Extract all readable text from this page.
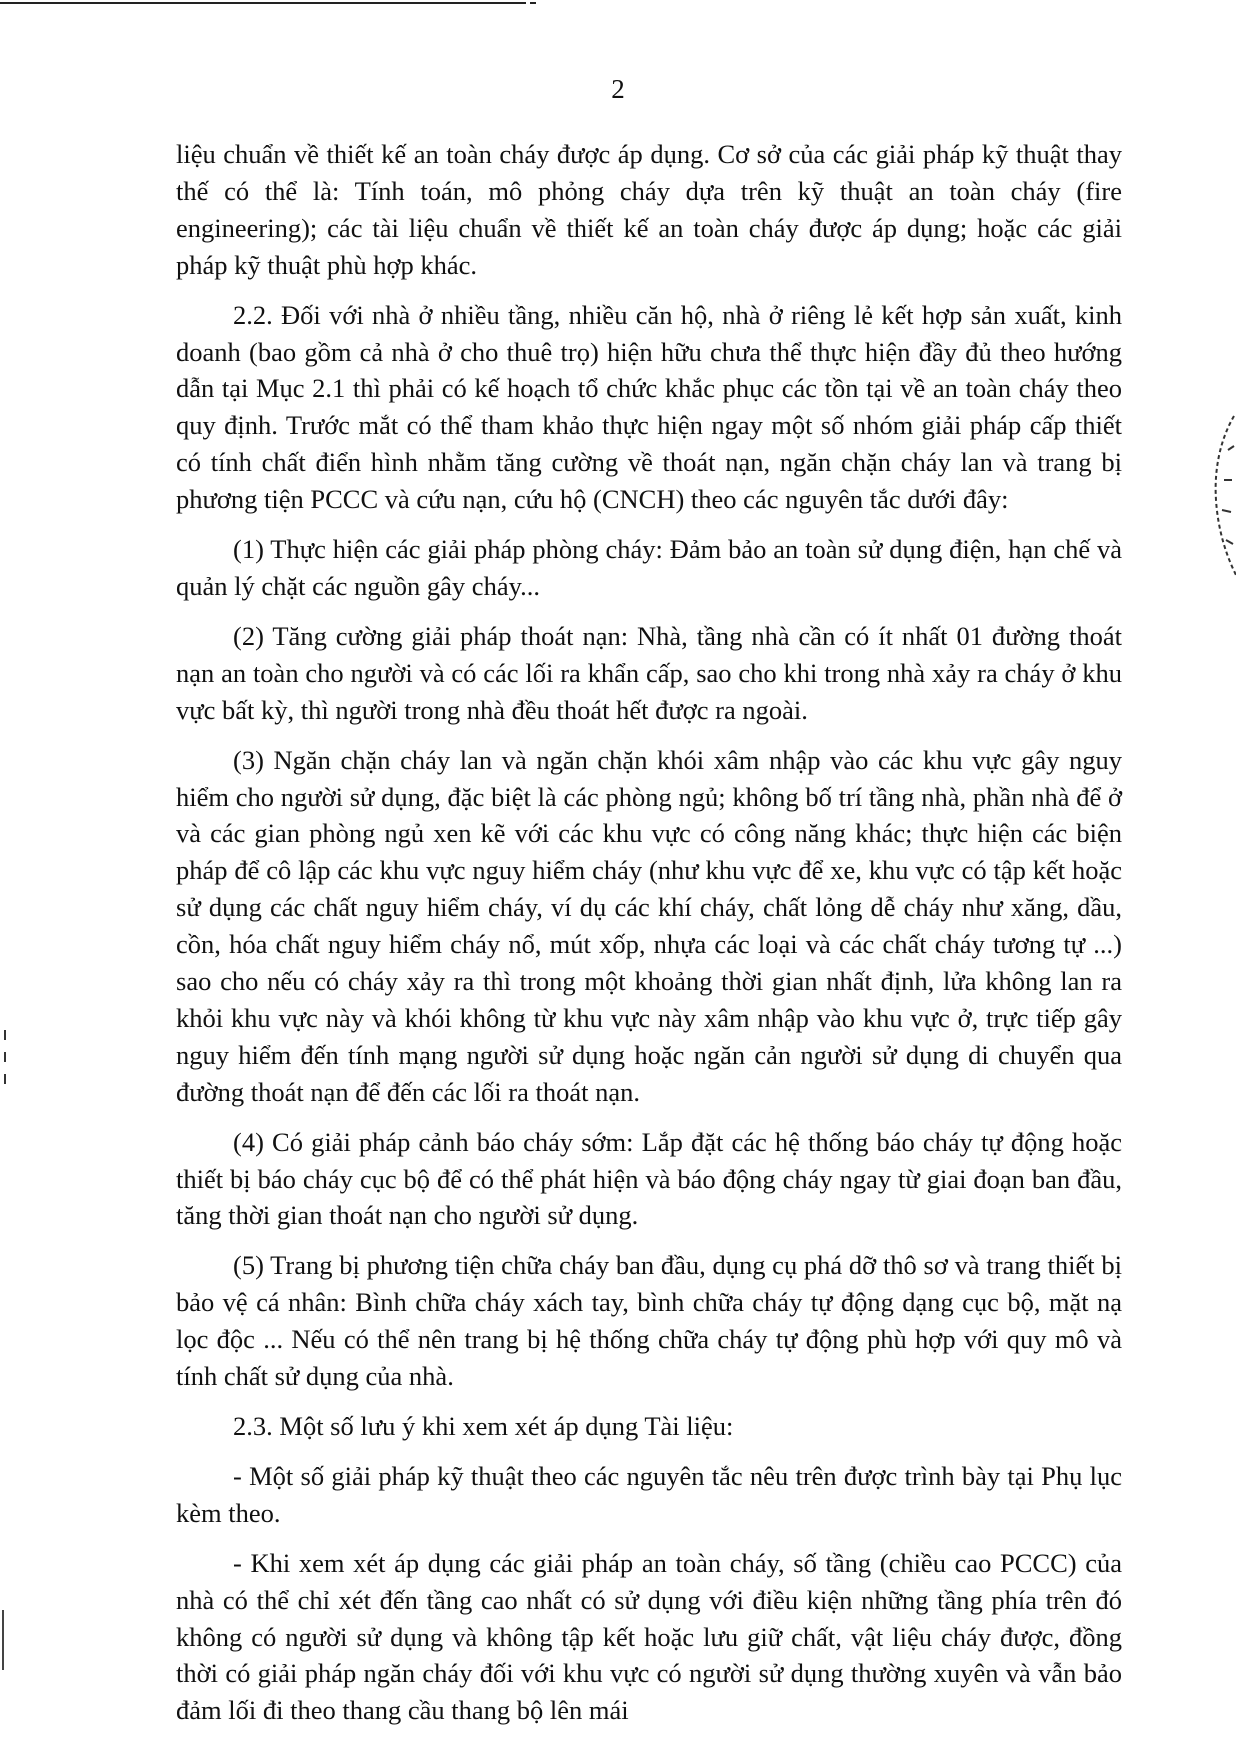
2

liệu chuẩn về thiết kế an toàn cháy được áp dụng. Cơ sở của các giải pháp kỹ thuật thay thế có thể là: Tính toán, mô phỏng cháy dựa trên kỹ thuật an toàn cháy (fire engineering); các tài liệu chuẩn về thiết kế an toàn cháy được áp dụng; hoặc các giải pháp kỹ thuật phù hợp khác.

2.2. Đối với nhà ở nhiều tầng, nhiều căn hộ, nhà ở riêng lẻ kết hợp sản xuất, kinh doanh (bao gồm cả nhà ở cho thuê trọ) hiện hữu chưa thể thực hiện đầy đủ theo hướng dẫn tại Mục 2.1 thì phải có kế hoạch tổ chức khắc phục các tồn tại về an toàn cháy theo quy định. Trước mắt có thể tham khảo thực hiện ngay một số nhóm giải pháp cấp thiết có tính chất điển hình nhằm tăng cường về thoát nạn, ngăn chặn cháy lan và trang bị phương tiện PCCC và cứu nạn, cứu hộ (CNCH) theo các nguyên tắc dưới đây:

(1) Thực hiện các giải pháp phòng cháy: Đảm bảo an toàn sử dụng điện, hạn chế và quản lý chặt các nguồn gây cháy...

(2) Tăng cường giải pháp thoát nạn: Nhà, tầng nhà cần có ít nhất 01 đường thoát nạn an toàn cho người và có các lối ra khẩn cấp, sao cho khi trong nhà xảy ra cháy ở khu vực bất kỳ, thì người trong nhà đều thoát hết được ra ngoài.

(3) Ngăn chặn cháy lan và ngăn chặn khói xâm nhập vào các khu vực gây nguy hiểm cho người sử dụng, đặc biệt là các phòng ngủ; không bố trí tầng nhà, phần nhà để ở và các gian phòng ngủ xen kẽ với các khu vực có công năng khác; thực hiện các biện pháp để cô lập các khu vực nguy hiểm cháy (như khu vực để xe, khu vực có tập kết hoặc sử dụng các chất nguy hiểm cháy, ví dụ các khí cháy, chất lỏng dễ cháy như xăng, dầu, cồn, hóa chất nguy hiểm cháy nổ, mút xốp, nhựa các loại và các chất cháy tương tự ...) sao cho nếu có cháy xảy ra thì trong một khoảng thời gian nhất định, lửa không lan ra khỏi khu vực này và khói không từ khu vực này xâm nhập vào khu vực ở, trực tiếp gây nguy hiểm đến tính mạng người sử dụng hoặc ngăn cản người sử dụng di chuyển qua đường thoát nạn để đến các lối ra thoát nạn.

(4) Có giải pháp cảnh báo cháy sớm: Lắp đặt các hệ thống báo cháy tự động hoặc thiết bị báo cháy cục bộ để có thể phát hiện và báo động cháy ngay từ giai đoạn ban đầu, tăng thời gian thoát nạn cho người sử dụng.

(5) Trang bị phương tiện chữa cháy ban đầu, dụng cụ phá dỡ thô sơ và trang thiết bị bảo vệ cá nhân: Bình chữa cháy xách tay, bình chữa cháy tự động dạng cục bộ, mặt nạ lọc độc ... Nếu có thể nên trang bị hệ thống chữa cháy tự động phù hợp với quy mô và tính chất sử dụng của nhà.

2.3. Một số lưu ý khi xem xét áp dụng Tài liệu:

- Một số giải pháp kỹ thuật theo các nguyên tắc nêu trên được trình bày tại Phụ lục kèm theo.

- Khi xem xét áp dụng các giải pháp an toàn cháy, số tầng (chiều cao PCCC) của nhà có thể chỉ xét đến tầng cao nhất có sử dụng với điều kiện những tầng phía trên đó không có người sử dụng và không tập kết hoặc lưu giữ chất, vật liệu cháy được, đồng thời có giải pháp ngăn cháy đối với khu vực có người sử dụng thường xuyên và vẫn bảo đảm lối đi theo thang cầu thang bộ lên mái
